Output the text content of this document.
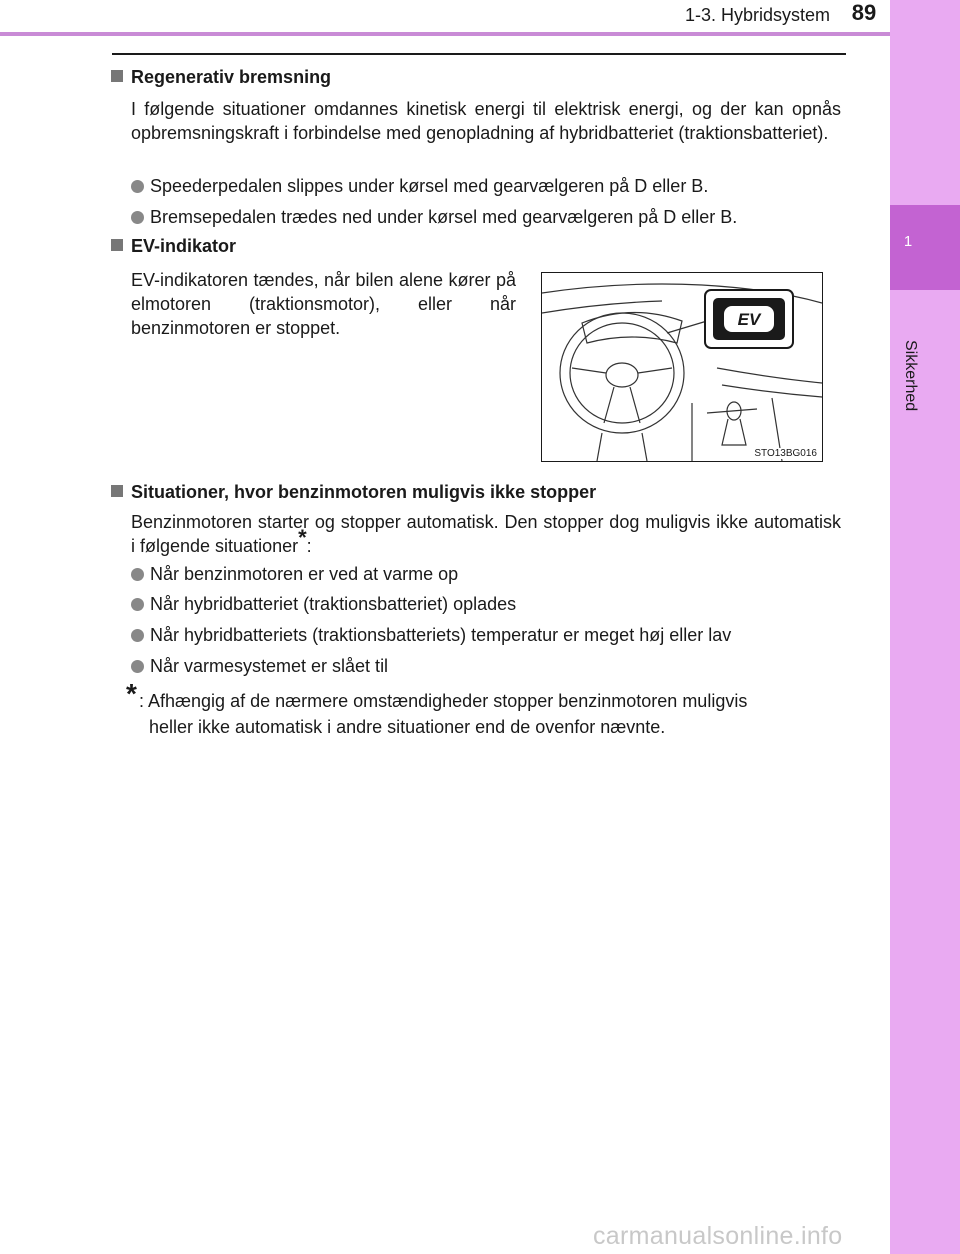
1-3. Hybridsystem 89
1
Sikkerhed
Regenerativ bremsning
I følgende situationer omdannes kinetisk energi til elektrisk energi, og der kan opnås opbremsningskraft i forbindelse med genopladning af hybridbatteriet (traktionsbatteriet).
Speederpedalen slippes under kørsel med gearvælgeren på D eller B.
Bremsepedalen trædes ned under kørsel med gearvælgeren på D eller B.
EV-indikator
EV-indikatoren tændes, når bilen alene kører på elmotoren (traktionsmotor), eller når benzinmotoren er stoppet.	EV
STO13BG016
Situationer, hvor benzinmotoren muligvis ikke stopper
Benzinmotoren starter og stopper automatisk. Den stopper dog muligvis ikke automatisk i følgende situationer*:
Når benzinmotoren er ved at varme op
Når hybridbatteriet (traktionsbatteriet) oplades
Når hybridbatteriets (traktionsbatteriets) temperatur er meget høj eller lav
Når varmesystemet er slået til
* : Afhængig af de nærmere omstændigheder stopper benzinmotoren muligvis
heller ikke automatisk i andre situationer end de ovenfor nævnte.
carmanualsonline.info
